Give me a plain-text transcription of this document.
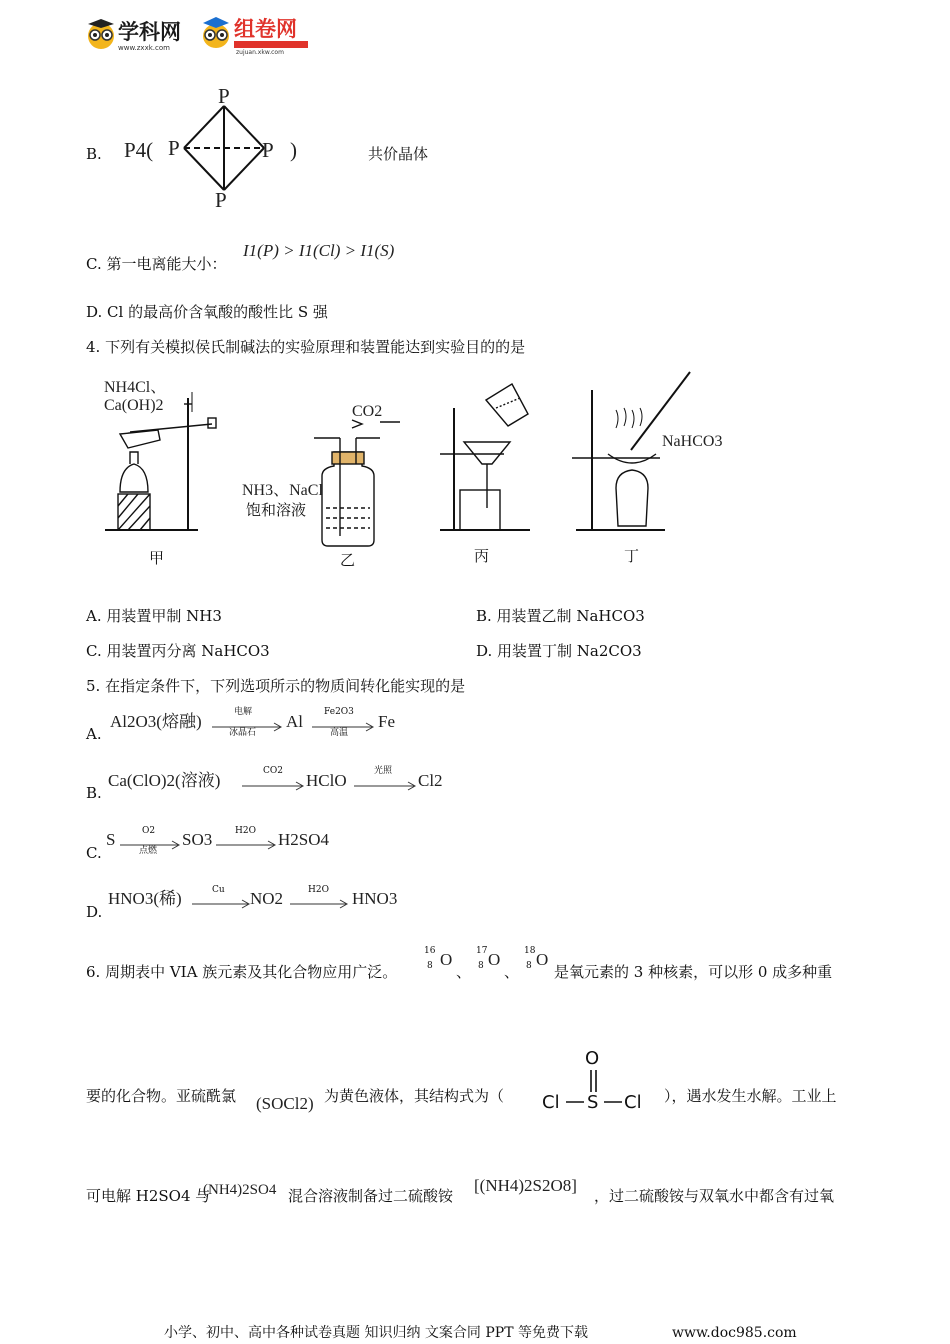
学科网
www.zxxk.com
组卷网
zujuan.xkw.com
B. P4(
P
P	P
P
)	共价晶体
C. 第一电离能大小：
I1(P) > I1(Cl) > I1(S)
D. Cl 的最高价含氧酸的酸性比 S 强
4. 下列有关模拟侯氏制碱法的实验原理和装置能达到实验目的的是
NH4Cl、
Ca(OH)2	CO2
NH3、NaCl
饱和溶液
NaHCO3
甲	乙	丙	丁
A. 用装置甲制 NH3	B. 用装置乙制 NaHCO3
C. 用装置丙分离 NaHCO3	D. 用装置丁制 Na2CO3
5. 在指定条件下，下列选项所示的物质间转化能实现的是
A.
Al2O3(熔融)	电解
冰晶石
Al Fe2O3
高温
Fe
B.
Ca(ClO)2(溶液)	CO2 HClO	光照 Cl2
C.
S	O2
点燃
SO3	H2O H2SO4
D.
HNO3(稀)	Cu NO2	H2O HNO3
6. 周期表中 VIA 族元素及其化合物应用广泛。
16
8 O
、
17
8 O
、
18
8 O
是氧元素的 3 种核素，可以形 0 成多种重
要的化合物。亚硫酰氯 (SOCl2) 为黄色液体，其结构式为（
O
Cl S Cl ），遇水发生水解。工业上
可电解 H2SO4 与
(NH4)2SO4 混合溶液制备过二硫酸铵
[(NH4)2S2O8]
，过二硫酸铵与双氧水中都含有过氧
小学、初中、高中各种试卷真题 知识归纳 文案合同 PPT 等免费下载	www.doc985.com
